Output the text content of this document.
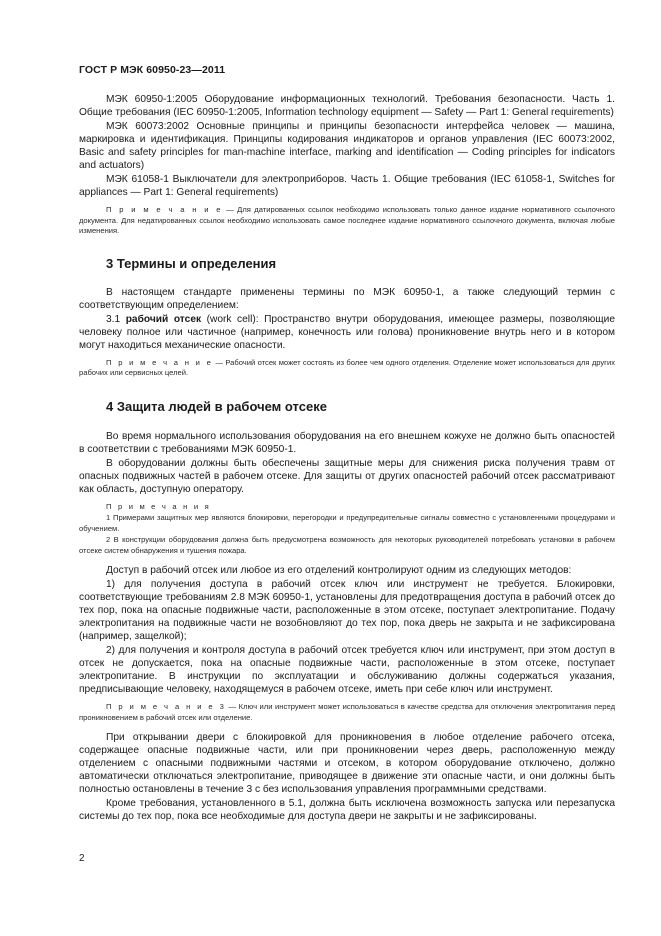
ГОСТ Р МЭК 60950-23—2011

МЭК 60950-1:2005 Оборудование информационных технологий. Требования безопасности. Часть 1. Общие требования (IEC 60950-1:2005, Information technology equipment — Safety — Part 1: General requirements)

МЭК 60073:2002 Основные принципы и принципы безопасности интерфейса человек — машина, маркировка и идентификация. Принципы кодирования индикаторов и органов управления (IEC 60073:2002, Basic and safety principles for man-machine interface, marking and identification — Coding principles for indicators and actuators)

МЭК 61058-1 Выключатели для электроприборов. Часть 1. Общие требования (IEC 61058-1, Switches for appliances — Part 1: General requirements)

П р и м е ч а н и е — Для датированных ссылок необходимо использовать только данное издание нормативного ссылочного документа. Для недатированных ссылок необходимо использовать самое последнее издание нормативного ссылочного документа, включая любые изменения.
3 Термины и определения

В настоящем стандарте применены термины по МЭК 60950-1, а также следующий термин с соответствующим определением:

3.1 рабочий отсек (work cell): Пространство внутри оборудования, имеющее размеры, позволяющие человеку полное или частичное (например, конечность или голова) проникновение внутрь него и в котором могут находиться механические опасности.

П р и м е ч а н и е — Рабочий отсек может состоять из более чем одного отделения. Отделение может использоваться для других рабочих или сервисных целей.
4 Защита людей в рабочем отсеке

Во время нормального использования оборудования на его внешнем кожухе не должно быть опасностей в соответствии с требованиями МЭК 60950-1.

В оборудовании должны быть обеспечены защитные меры для снижения риска получения травм от опасных подвижных частей в рабочем отсеке. Для защиты от других опасностей рабочий отсек рассматривают как область, доступную оператору.

П р и м е ч а н и я
1 Примерами защитных мер являются блокировки, перегородки и предупредительные сигналы совместно с установленными процедурами и обучением.
2 В конструкции оборудования должна быть предусмотрена возможность для некоторых руководителей потребовать установки в рабочем отсеке систем обнаружения и тушения пожара.

Доступ в рабочий отсек или любое из его отделений контролируют одним из следующих методов:

1) для получения доступа в рабочий отсек ключ или инструмент не требуется. Блокировки, соответствующие требованиям 2.8 МЭК 60950-1, установлены для предотвращения доступа в рабочий отсек до тех пор, пока на опасные подвижные части, расположенные в этом отсеке, поступает электропитание. Подачу электропитания на подвижные части не возобновляют до тех пор, пока дверь не закрыта и не зафиксирована (например, защелкой);

2) для получения и контроля доступа в рабочий отсек требуется ключ или инструмент, при этом доступ в отсек не допускается, пока на опасные подвижные части, расположенные в этом отсеке, поступает электропитание. В инструкции по эксплуатации и обслуживанию должны содержаться указания, предписывающие человеку, находящемуся в рабочем отсеке, иметь при себе ключ или инструмент.

П р и м е ч а н и е 3 — Ключ или инструмент может использоваться в качестве средства для отключения электропитания перед проникновением в рабочий отсек или отделение.

При открывании двери с блокировкой для проникновения в любое отделение рабочего отсека, содержащее опасные подвижные части, или при проникновении через дверь, расположенную между отделением с опасными подвижными частями и отсеком, в котором оборудование отключено, должно автоматически отключаться электропитание, приводящее в движение эти опасные части, и они должны быть полностью остановлены в течение 3 с без использования управления программными средствами.

Кроме требования, установленного в 5.1, должна быть исключена возможность запуска или перезапуска системы до тех пор, пока все необходимые для доступа двери не закрыты и не зафиксированы.

2
